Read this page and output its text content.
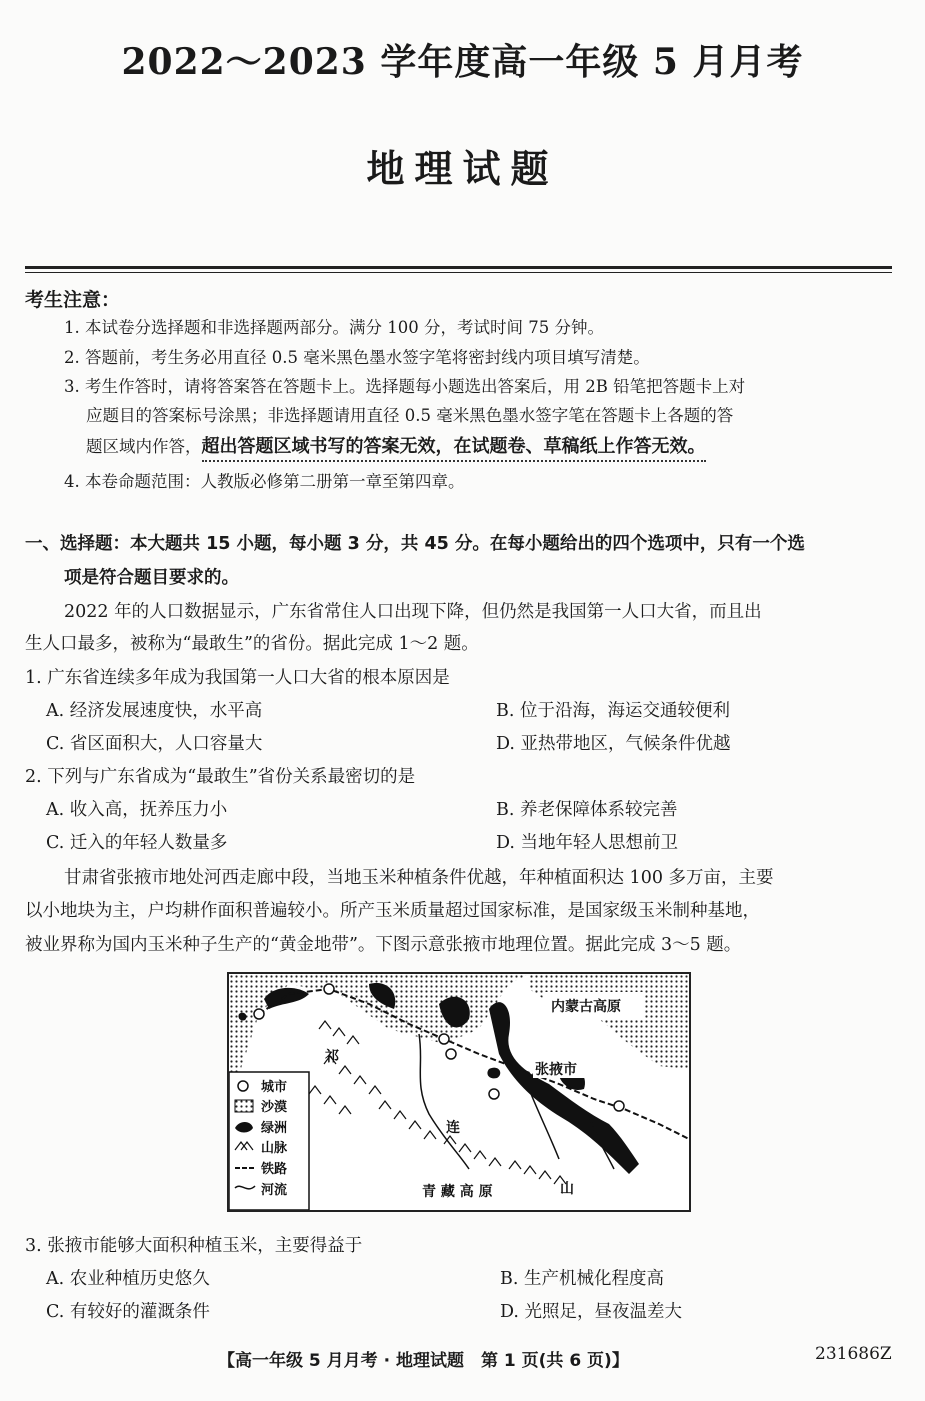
2022～2023 学年度高一年级 5 月月考
地理试题
考生注意：
1. 本试卷分选择题和非选择题两部分。满分 100 分，考试时间 75 分钟。
2. 答题前，考生务必用直径 0.5 毫米黑色墨水签字笔将密封线内项目填写清楚。
3. 考生作答时，请将答案答在答题卡上。选择题每小题选出答案后，用 2B 铅笔把答题卡上对
应题目的答案标号涂黑；非选择题请用直径 0.5 毫米黑色墨水签字笔在答题卡上各题的答
题区域内作答，超出答题区域书写的答案无效，在试题卷、草稿纸上作答无效。
4. 本卷命题范围：人教版必修第二册第一章至第四章。
一、选择题：本大题共 15 小题，每小题 3 分，共 45 分。在每小题给出的四个选项中，只有一个选
项是符合题目要求的。
2022 年的人口数据显示，广东省常住人口出现下降，但仍然是我国第一人口大省，而且出
生人口最多，被称为“最敢生”的省份。据此完成 1～2 题。
1. 广东省连续多年成为我国第一人口大省的根本原因是
A. 经济发展速度快，水平高	B. 位于沿海，海运交通较便利
C. 省区面积大，人口容量大	D. 亚热带地区，气候条件优越
2. 下列与广东省成为“最敢生”省份关系最密切的是
A. 收入高，抚养压力小	B. 养老保障体系较完善
C. 迁入的年轻人数量多	D. 当地年轻人思想前卫
甘肃省张掖市地处河西走廊中段，当地玉米种植条件优越，年种植面积达 100 多万亩，主要
以小地块为主，户均耕作面积普遍较小。所产玉米质量超过国家标准，是国家级玉米制种基地，
被业界称为国内玉米种子生产的“黄金地带”。下图示意张掖市地理位置。据此完成 3～5 题。
城市
沙漠
绿洲
山脉
铁路
河流
内蒙古高原
张掖市
祁
连
山
青 藏 高 原
3. 张掖市能够大面积种植玉米，主要得益于
A. 农业种植历史悠久	B. 生产机械化程度高
C. 有较好的灌溉条件	D. 光照足，昼夜温差大
【高一年级 5 月月考 · 地理试题　第 1 页(共 6 页)】	231686Z
